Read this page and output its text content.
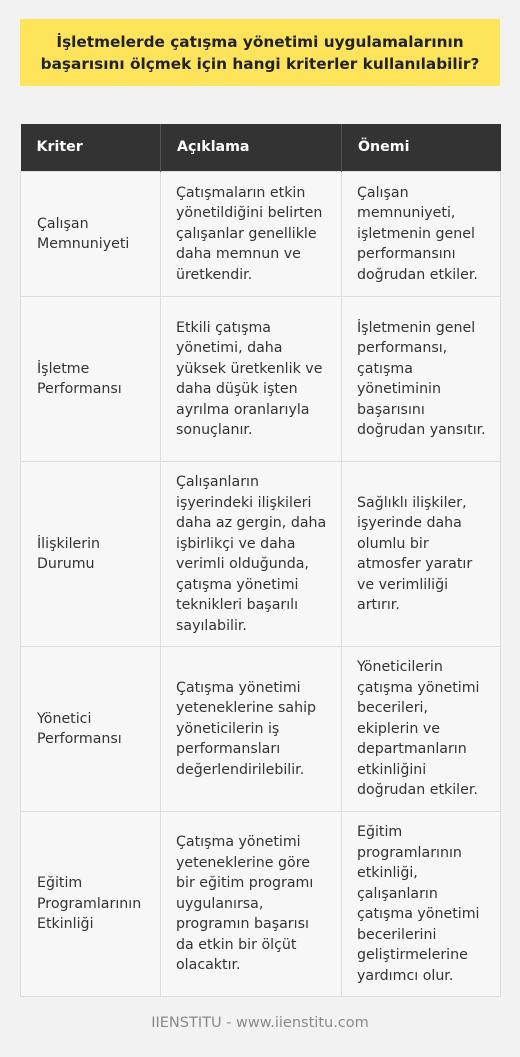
İşletmelerde çatışma yönetimi uygulamalarının başarısını ölçmek için hangi kriterler kullanılabilir?
Kriter	Açıklama	Önemi
Çalışan Memnuniyeti	Çatışmaların etkin yönetildiğini belirten çalışanlar genellikle daha memnun ve üretkendir.	Çalışan memnuniyeti, işletmenin genel performansını doğrudan etkiler.
İşletme Performansı	Etkili çatışma yönetimi, daha yüksek üretkenlik ve daha düşük işten ayrılma oranlarıyla sonuçlanır.	İşletmenin genel performansı, çatışma yönetiminin başarısını doğrudan yansıtır.
İlişkilerin Durumu	Çalışanların işyerindeki ilişkileri daha az gergin, daha işbirlikçi ve daha verimli olduğunda, çatışma yönetimi teknikleri başarılı sayılabilir.	Sağlıklı ilişkiler, işyerinde daha olumlu bir atmosfer yaratır ve verimliliği artırır.
Yönetici Performansı	Çatışma yönetimi yeteneklerine sahip yöneticilerin iş performansları değerlendirilebilir.	Yöneticilerin çatışma yönetimi becerileri, ekiplerin ve departmanların etkinliğini doğrudan etkiler.
Eğitim Programlarının Etkinliği	Çatışma yönetimi yeteneklerine göre bir eğitim programı uygulanırsa, programın başarısı da etkin bir ölçüt olacaktır.	Eğitim programlarının etkinliği, çalışanların çatışma yönetimi becerilerini geliştirmelerine yardımcı olur.
IIENSTITU - www.iienstitu.com
